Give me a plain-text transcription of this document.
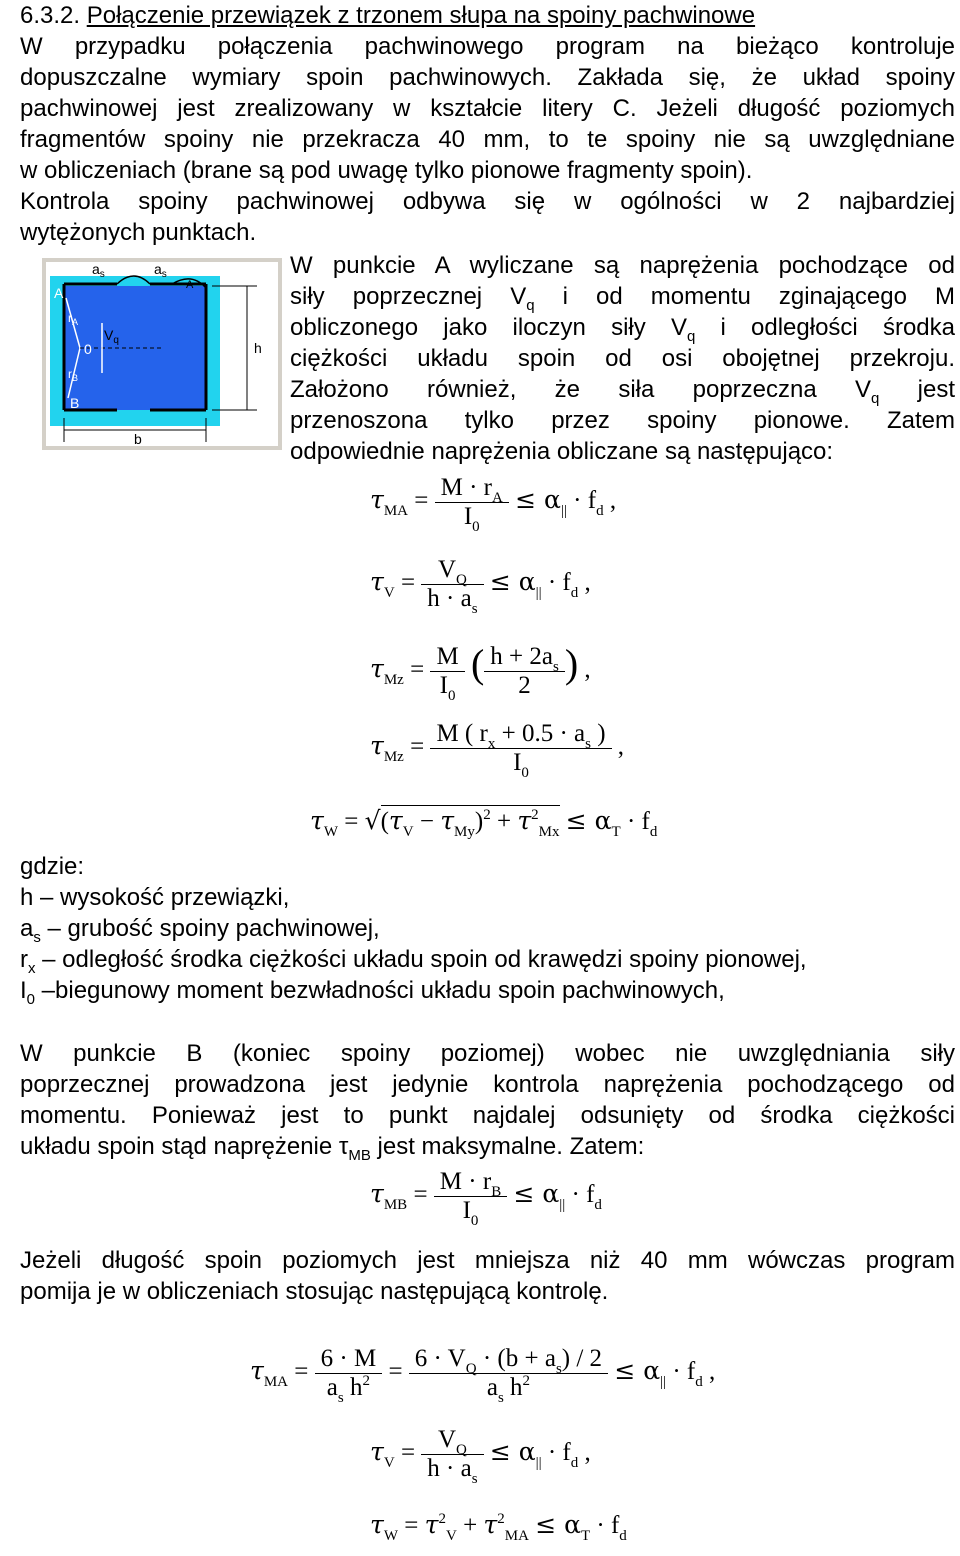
6.3.2. Połączenie przewiązek z trzonem słupa na spoiny pachwinowe

W przypadku połączenia pachwinowego program na bieżąco kontroluje

dopuszczalne wymiary spoin pachwinowych. Zakłada się, że układ spoiny

pachwinowej jest zrealizowany w kształcie litery C. Jeżeli długość poziomych

fragmentów spoiny nie przekracza 40 mm, to te spoiny nie są uwzględniane

w obliczeniach (brane są pod uwagę tylko pionowe fragmenty spoin).

Kontrola spoiny pachwinowej odbywa się w ogólności w 2 najbardziej

wytężonych punktach.

A
$r_A$
0
$V_q$
$r_B$
B
$a_s$	$a_s$
A
h
b

W punkcie A wyliczane są naprężenia pochodzące od

siły poprzecznej $V_q$ i od momentu zginającego M

obliczonego jako iloczyn siły $V_q$ i odległości środka

ciężkości układu spoin od osi obojętnej przekroju.

Założono również, że siła poprzeczna $V_q$ jest

przenoszona tylko przez spoiny pionowe. Zatem

odpowiednie naprężenia obliczane są następująco:

$\tau_{MA} = \frac{M \cdot r_A}{I_0} \le \alpha_{||} \cdot f_d$ ,
$\tau_V = \frac{V_Q}{h \cdot a_s} \le \alpha_{||} \cdot f_d$ ,
$\tau_{Mz} = \frac{M}{I_0}$ ( $\frac{h + 2a_s}{2}$ ) ,
$\tau_{Mz} = \frac{M ( r_x + 0.5 \cdot a_s )}{I_0}$ ,
$\tau_W = √(\tau_V - \tau_{My})^2 + \tau^2_{Mx} \le \alpha_T \cdot f_d$

gdzie:

h – wysokość przewiązki,

$a_s$ – grubość spoiny pachwinowej,

$r_x$ – odległość środka ciężkości układu spoin od krawędzi spoiny pionowej,

$I_0$ –biegunowy moment bezwładności układu spoin pachwinowych,

W punkcie B (koniec spoiny poziomej) wobec nie uwzględniania siły

poprzecznej prowadzona jest jedynie kontrola naprężenia pochodzącego od

momentu. Ponieważ jest to punkt najdalej odsunięty od środka ciężkości

układu spoin stąd naprężenie $\tau_{MB}$ jest maksymalne. Zatem:

$\tau_{MB} = \frac{M \cdot r_B}{I_0} \le \alpha_{||} \cdot f_d$

Jeżeli długość spoin poziomych jest mniejsza niż 40 mm wówczas program

pomija je w obliczeniach stosując następującą kontrolę.

$\tau_{MA} = \frac{6 \cdot M}{a_s h^2} = \frac{6 \cdot V_Q \cdot (b + a_s) / 2}{a_s h^2} \le \alpha_{||} \cdot f_d$ ,
$\tau_V = \frac{V_Q}{h \cdot a_s} \le \alpha_{||} \cdot f_d$ ,
$\tau_W = \tau^2_V + \tau^2_{MA} \le \alpha_T \cdot f_d$
